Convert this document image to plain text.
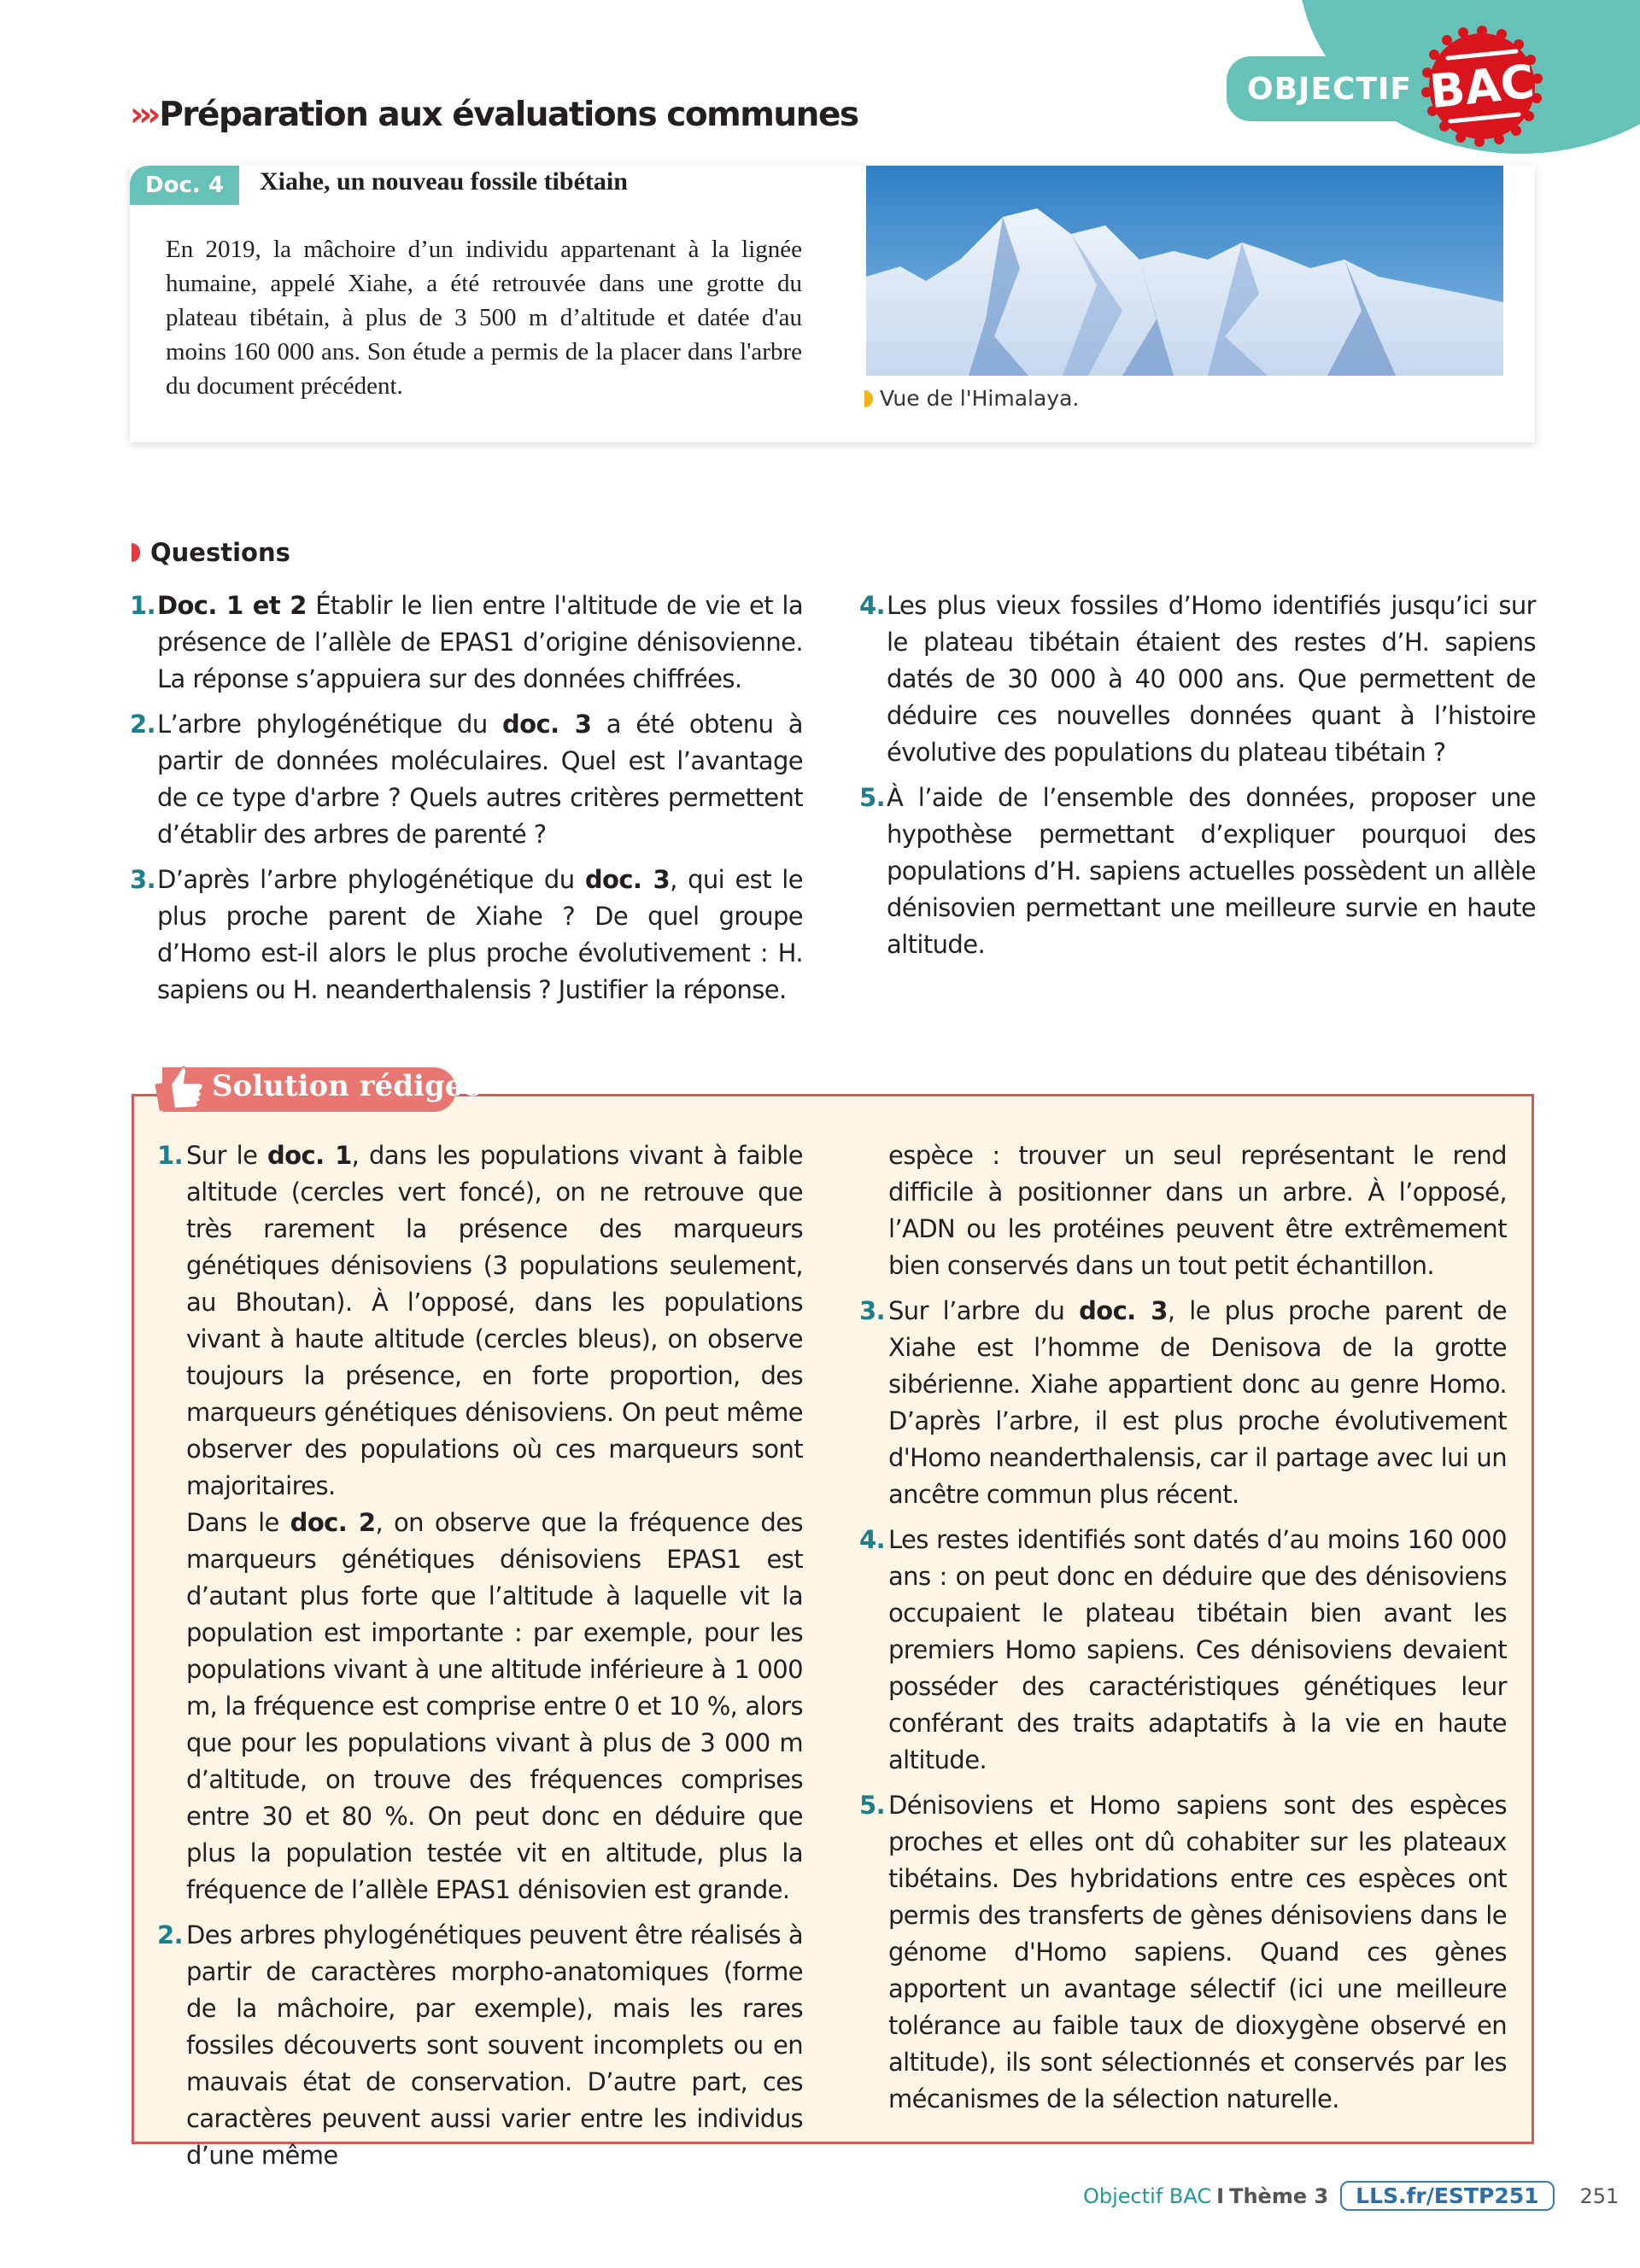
OBJECTIF BAC
››› Préparation aux évaluations communes
Doc. 4	Xiahe, un nouveau fossile tibétain
En 2019, la mâchoire d’un individu appartenant à la lignée humaine, appelé Xiahe, a été retrouvée dans une grotte du plateau tibétain, à plus de 3 500 m d’altitude et datée d'au moins 160 000 ans. Son étude a permis de la placer dans l'arbre du document précédent.	Vue de l'Himalaya.
Questions
1. Doc. 1 et 2 Établir le lien entre l'altitude de vie et la présence de l’allèle de EPAS1 d’origine dénisovienne. La réponse s’appuiera sur des données chiffrées.
2. L’arbre phylogénétique du doc. 3 a été obtenu à partir de données moléculaires. Quel est l’avantage de ce type d'arbre ? Quels autres critères permettent d’établir des arbres de parenté ?
3. D’après l’arbre phylogénétique du doc. 3, qui est le plus proche parent de Xiahe ? De quel groupe d’Homo est-il alors le plus proche évolutivement : H. sapiens ou H. neanderthalensis ? Justifier la réponse.
4. Les plus vieux fossiles d’Homo identifiés jusqu’ici sur le plateau tibétain étaient des restes d’H. sapiens datés de 30 000 à 40 000 ans. Que permettent de déduire ces nouvelles données quant à l’histoire évolutive des populations du plateau tibétain ?
5. À l’aide de l’ensemble des données, proposer une hypothèse permettant d’expliquer pourquoi des populations d’H. sapiens actuelles possèdent un allèle dénisovien permettant une meilleure survie en haute altitude.
Solution rédigée
1. Sur le doc. 1, dans les populations vivant à faible altitude (cercles vert foncé), on ne retrouve que très rarement la présence des marqueurs génétiques dénisoviens (3 populations seulement, au Bhoutan). À l’opposé, dans les populations vivant à haute altitude (cercles bleus), on observe toujours la présence, en forte proportion, des marqueurs génétiques dénisoviens. On peut même observer des populations où ces marqueurs sont majoritaires.
Dans le doc. 2, on observe que la fréquence des marqueurs génétiques dénisoviens EPAS1 est d’autant plus forte que l’altitude à laquelle vit la population est importante : par exemple, pour les populations vivant à une altitude inférieure à 1 000 m, la fréquence est comprise entre 0 et 10 %, alors que pour les populations vivant à plus de 3 000 m d’altitude, on trouve des fréquences comprises entre 30 et 80 %. On peut donc en déduire que plus la population testée vit en altitude, plus la fréquence de l’allèle EPAS1 dénisovien est grande.
2. Des arbres phylogénétiques peuvent être réalisés à partir de caractères morpho-anatomiques (forme de la mâchoire, par exemple), mais les rares fossiles découverts sont souvent incomplets ou en mauvais état de conservation. D’autre part, ces caractères peuvent aussi varier entre les individus d’une même
espèce : trouver un seul représentant le rend difficile à positionner dans un arbre. À l’opposé, l’ADN ou les protéines peuvent être extrêmement bien conservés dans un tout petit échantillon.
3. Sur l’arbre du doc. 3, le plus proche parent de Xiahe est l’homme de Denisova de la grotte sibérienne. Xiahe appartient donc au genre Homo. D’après l’arbre, il est plus proche évolutivement d'Homo neanderthalensis, car il partage avec lui un ancêtre commun plus récent.
4. Les restes identifiés sont datés d’au moins 160 000 ans : on peut donc en déduire que des dénisoviens occupaient le plateau tibétain bien avant les premiers Homo sapiens. Ces dénisoviens devaient posséder des caractéristiques génétiques leur conférant des traits adaptatifs à la vie en haute altitude.
5. Dénisoviens et Homo sapiens sont des espèces proches et elles ont dû cohabiter sur les plateaux tibétains. Des hybridations entre ces espèces ont permis des transferts de gènes dénisoviens dans le génome d'Homo sapiens. Quand ces gènes apportent un avantage sélectif (ici une meilleure tolérance au faible taux de dioxygène observé en altitude), ils sont sélectionnés et conservés par les mécanismes de la sélection naturelle.
Objectif BAC I Thème 3	LLS.fr/ESTP251	251
